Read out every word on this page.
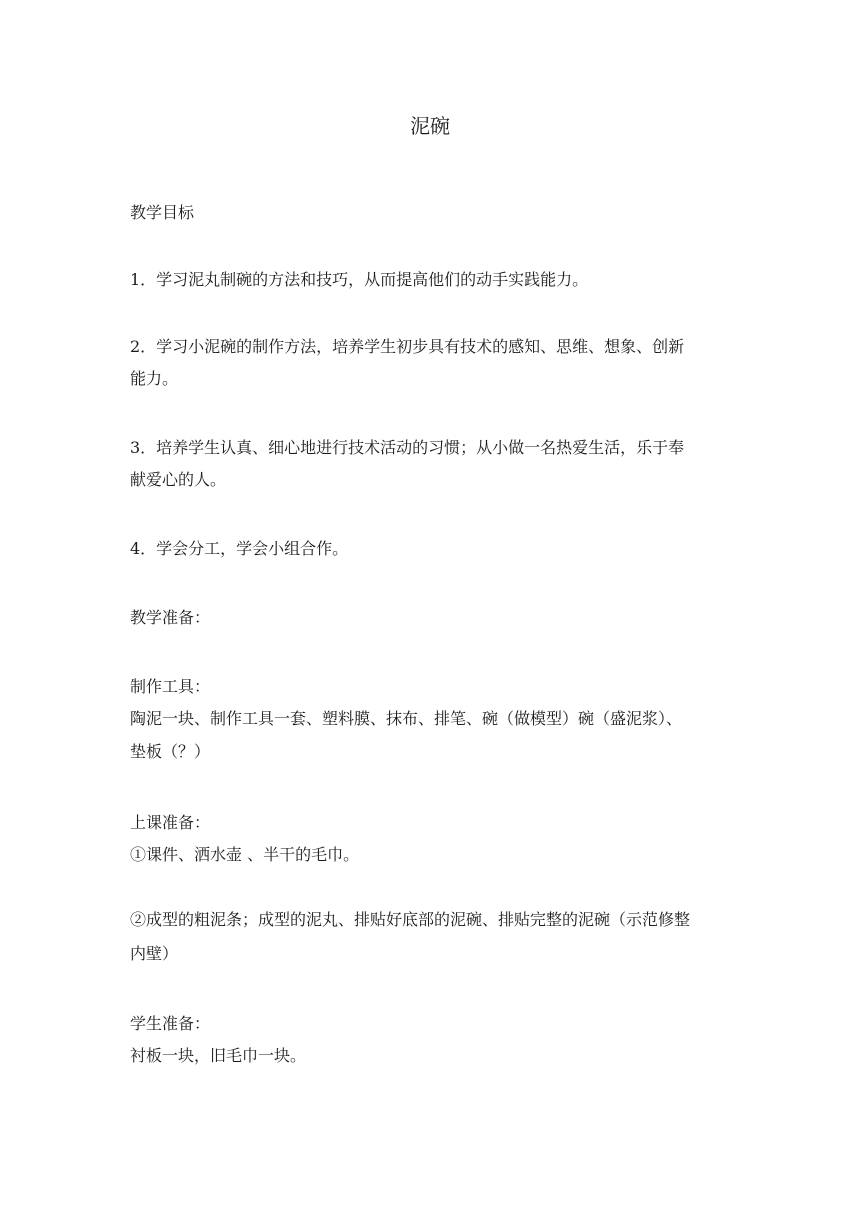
泥碗
教学目标
1．学习泥丸制碗的方法和技巧，从而提高他们的动手实践能力。
2．学习小泥碗的制作方法，培养学生初步具有技术的感知、思维、想象、创新
能力。
3．培养学生认真、细心地进行技术活动的习惯；从小做一名热爱生活，乐于奉
献爱心的人。
4．学会分工，学会小组合作。
教学准备：
制作工具：
陶泥一块、制作工具一套、塑料膜、抹布、排笔、碗（做模型）碗（盛泥浆）、
垫板（？）
上课准备：
①课件、洒水壶 、半干的毛巾。
②成型的粗泥条；成型的泥丸、排贴好底部的泥碗、排贴完整的泥碗（示范修整
内壁）
学生准备：
衬板一块，旧毛巾一块。
